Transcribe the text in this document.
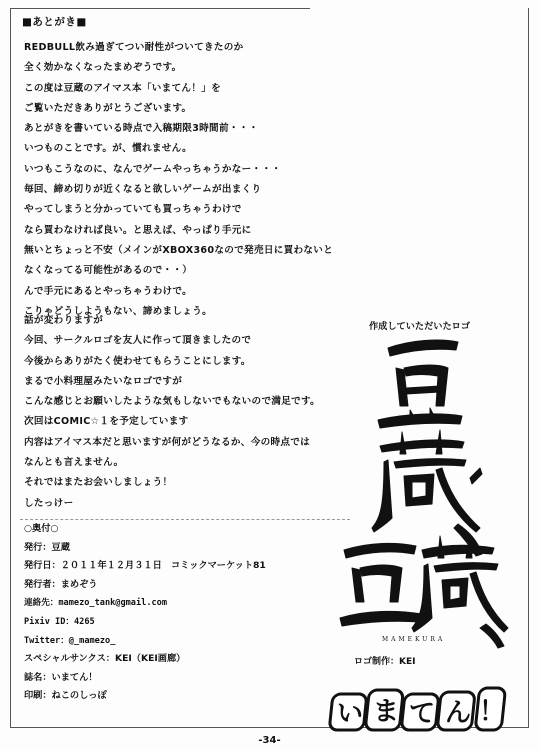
■あとがき■
REDBULL飲み過ぎてつい耐性がついてきたのか
全く効かなくなったまめぞうです。
この度は豆蔵のアイマス本「いまてん！」を
ご覧いただきありがとうございます。
あとがきを書いている時点で入稿期限3時間前・・・
いつものことです。が、慣れません。
いつもこうなのに、なんでゲームやっちゃうかなー・・・
毎回、締め切りが近くなると欲しいゲームが出まくり
やってしまうと分かっていても買っちゃうわけで
なら買わなければ良い。と思えば、やっぱり手元に
無いとちょっと不安（メインがXBOX360なので発売日に買わないと
なくなってる可能性があるので・・）
んで手元にあるとやっちゃうわけで。
こりゃどうしようもない、諦めましょう。
話が変わりますが
今回、サークルロゴを友人に作って頂きましたので
今後からありがたく使わせてもらうことにします。
まるで小料理屋みたいなロゴですが
こんな感じとお願いしたような気もしないでもないので満足です。
次回はCOMIC☆１を予定しています
内容はアイマス本だと思いますが何がどうなるか、今の時点では
なんとも言えません。
それではまたお会いしましょう！
したっけー
作成していただいたロゴ
MAMEKURA
ロゴ制作：KEI
○奥付○
発行：豆蔵
発行日：２０１１年１２月３１日　コミックマーケット81
発行者：まめぞう
連絡先：mamezo_tank@gmail.com
Pixiv ID：4265
Twitter：@_mamezo_
スペシャルサンクス：KEI（KEI画廊）
誌名：いまてん！
印刷：ねこのしっぽ
い ま て ん ！
-34-
